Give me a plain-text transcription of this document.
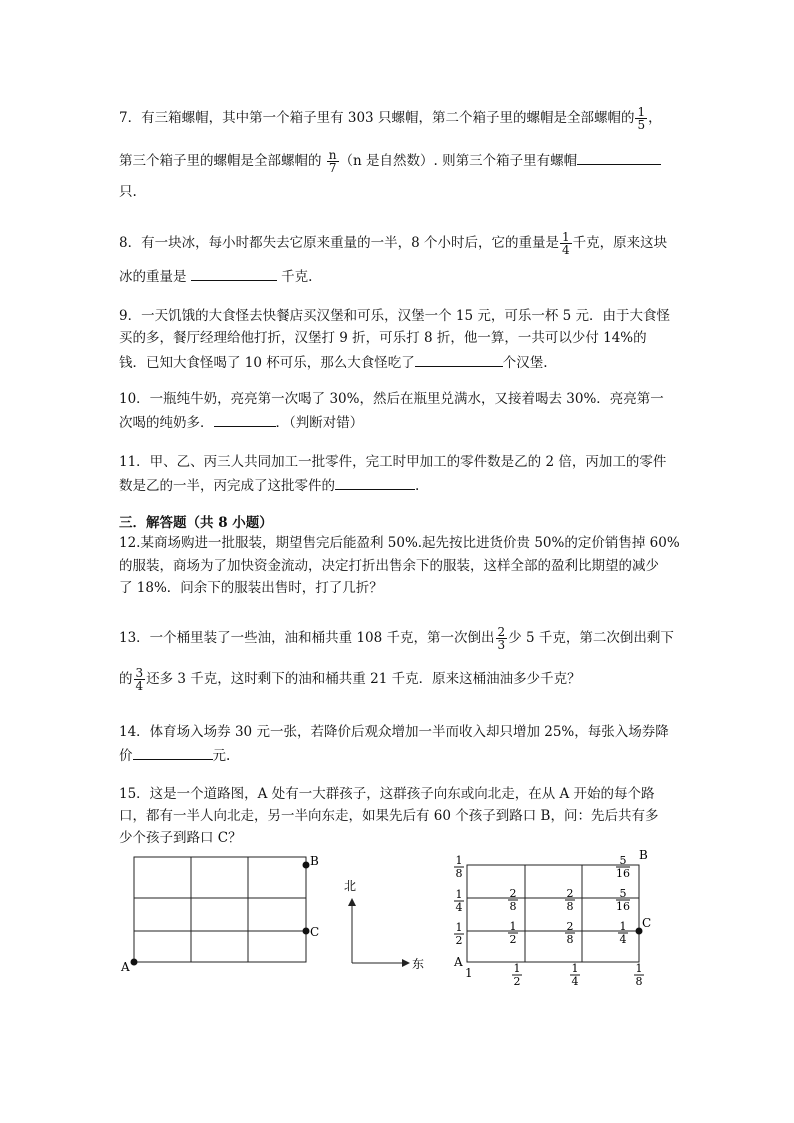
7．有三箱螺帽，其中第一个箱子里有 303 只螺帽，第二个箱子里的螺帽是全部螺帽的 $\frac{1}{5}$ ，
第三个箱子里的螺帽是全部螺帽的 $\frac{n}{7} (n$ 是自然数）. 则第三个箱子里有螺帽
只.
8．有一块冰，每小时都失去它原来重量的一半，8 个小时后，它的重量是 $\frac{1}{4}$ 千克，原来这块
冰的重量是	千克.
9．一天饥饿的大食怪去快餐店买汉堡和可乐，汉堡一个 15 元，可乐一杯 5 元．由于大食怪
买的多，餐厅经理给他打折，汉堡打 9 折，可乐打 8 折，他一算，一共可以少付 14%的
钱．已知大食怪喝了 10 杯可乐，那么大食怪吃了	个汉堡.
10．一瓶纯牛奶，亮亮第一次喝了 30%，然后在瓶里兑满水，又接着喝去 30%．亮亮第一
次喝的纯奶多．	．（判断对错）
11．甲、乙、丙三人共同加工一批零件，完工时甲加工的零件数是乙的 2 倍，丙加工的零件
数是乙的一半，丙完成了这批零件的	.
三．解答题（共 8 小题）
12.某商场购进一批服装，期望售完后能盈利 50%.起先按比进货价贵 50%的定价销售掉 60%
的服装，商场为了加快资金流动，决定打折出售余下的服装，这样全部的盈利比期望的减少
了 18%．问余下的服装出售时，打了几折？
13．一个桶里装了一些油，油和桶共重 108 千克，第一次倒出 $\frac{2}{3}$ 少 5 千克，第二次倒出剩下
的 $\frac{3}{4}$ 还多 3 千克，这时剩下的油和桶共重 21 千克．原来这桶油油多少千克？
14．体育场入场券 30 元一张，若降价后观众增加一半而收入却只增加 25%，每张入场券降
价	元.
15．这是一个道路图，A 处有一大群孩子，这群孩子向东或向北走，在从 A 开始的每个路
口，都有一半人向北走，另一半向东走，如果先后有 60 个孩子到路口 B，问：先后共有多
少个孩子到路口 C？
A
B
C
北
东 A
B
C
1
1
8
1
4
1
2
1
2
1
4
1
8
2
8
2
8
5
16
1
2
2
8
1
4
5
16
